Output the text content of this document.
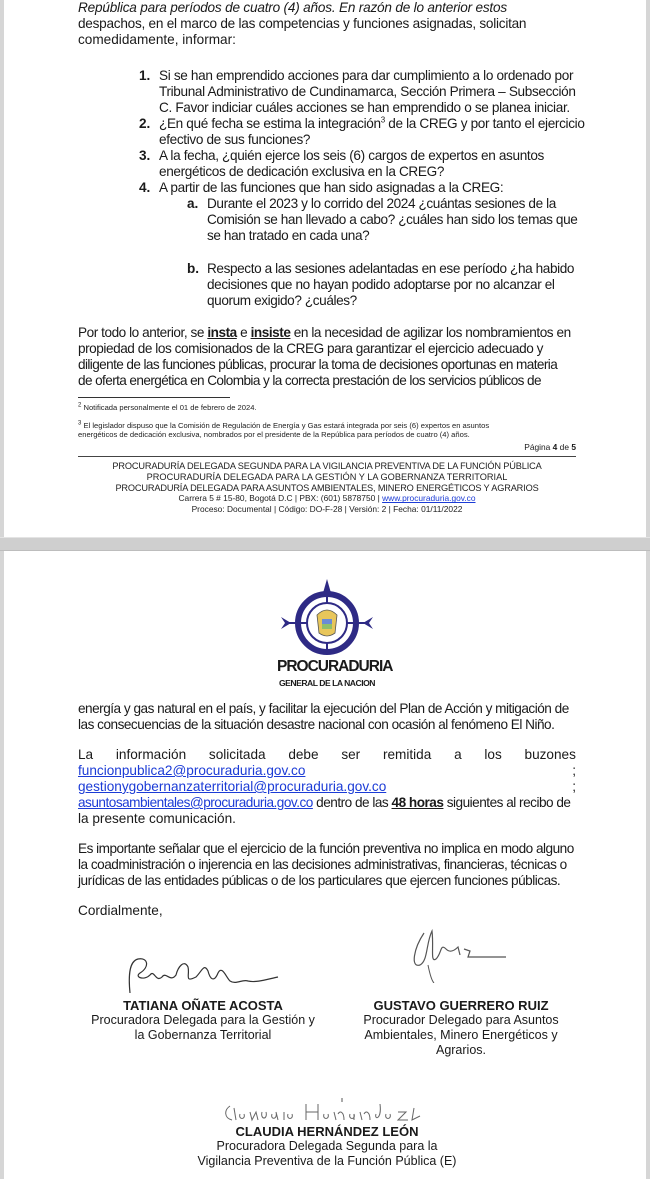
República para períodos de cuatro (4) años. En razón de lo anterior estos
despachos, en el marco de las competencias y funciones asignadas, solicitan
comedidamente, informar:
1. Si se han emprendido acciones para dar cumplimiento a lo ordenado por
Tribunal Administrativo de Cundinamarca, Sección Primera – Subsección
C. Favor indiciar cuáles acciones se han emprendido o se planea iniciar.
2. ¿En qué fecha se estima la integración$^3$ de la CREG y por tanto el ejercicio
efectivo de sus funciones?
3. A la fecha, ¿quién ejerce los seis (6) cargos de expertos en asuntos
energéticos de dedicación exclusiva en la CREG?
4. A partir de las funciones que han sido asignadas a la CREG:
a. Durante el 2023 y lo corrido del 2024 ¿cuántas sesiones de la
Comisión se han llevado a cabo? ¿cuáles han sido los temas que
se han tratado en cada una?
b. Respecto a las sesiones adelantadas en ese período ¿ha habido
decisiones que no hayan podido adoptarse por no alcanzar el
quorum exigido? ¿cuáles?
Por todo lo anterior, se insta e insiste en la necesidad de agilizar los nombramientos en
propiedad de los comisionados de la CREG para garantizar el ejercicio adecuado y
diligente de las funciones públicas, procurar la toma de decisiones oportunas en materia
de oferta energética en Colombia y la correcta prestación de los servicios públicos de
$^2$ Notificada personalmente el 01 de febrero de 2024.
$^3$ El legislador dispuso que la Comisión de Regulación de Energía y Gas estará integrada por seis (6) expertos en asuntos
energéticos de dedicación exclusiva, nombrados por el presidente de la República para períodos de cuatro (4) años.
Página 4 de 5
PROCURADURÍA DELEGADA SEGUNDA PARA LA VIGILANCIA PREVENTIVA DE LA FUNCIÓN PÚBLICA
PROCURADURÍA DELEGADA PARA LA GESTIÓN Y LA GOBERNANZA TERRITORIAL
PROCURADURÍA DELEGADA PARA ASUNTOS AMBIENTALES, MINERO ENERGÉTICOS Y AGRARIOS
Carrera 5 # 15-80, Bogotá D.C | PBX: (601) 5878750 | www.procuraduria.gov.co
Proceso: Documental | Código: DO-F-28 | Versión: 2 | Fecha: 01/11/2022
PROCURADURIA
GENERAL DE LA NACION
energía y gas natural en el país, y facilitar la ejecución del Plan de Acción y mitigación de
las consecuencias de la situación desastre nacional con ocasión al fenómeno El Niño.
La información solicitada debe ser remitida a los buzones
funcionpublica2@procuraduria.gov.co	;
gestionygobernanzaterritorial@procuraduria.gov.co	;
asuntosambientales@procuraduria.gov.co dentro de las 48 horas siguientes al recibo de
la presente comunicación.
Es importante señalar que el ejercicio de la función preventiva no implica en modo alguno
la coadministración o injerencia en las decisiones administrativas, financieras, técnicas o
jurídicas de las entidades públicas o de los particulares que ejercen funciones públicas.
Cordialmente,
TATIANA OÑATE ACOSTA
Procuradora Delegada para la Gestión y
la Gobernanza Territorial
GUSTAVO GUERRERO RUIZ
Procurador Delegado para Asuntos
Ambientales, Minero Energéticos y
Agrarios.
CLAUDIA HERNÁNDEZ LEÓN
Procuradora Delegada Segunda para la
Vigilancia Preventiva de la Función Pública (E)
